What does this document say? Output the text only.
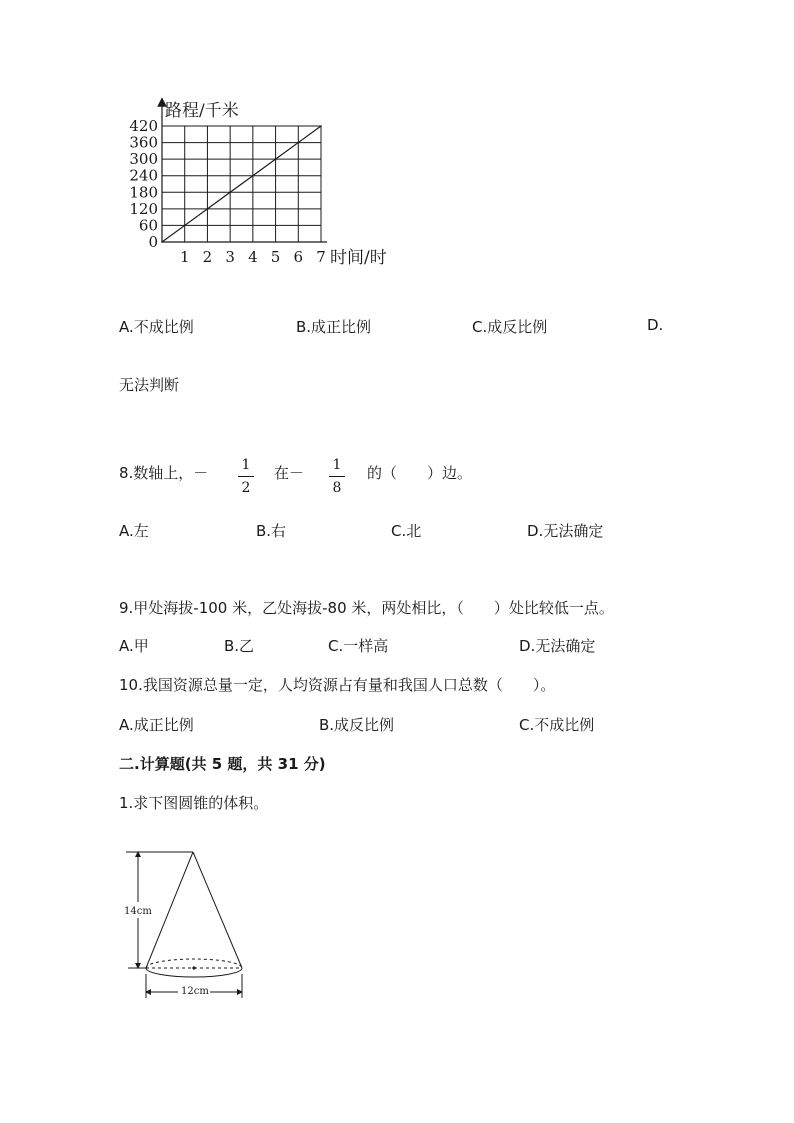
0
60
120
180
240
300
360
420
1 2 3 4 5 6 7
路程/千米
时间/时
A.不成比例	B.成正比例	C.成反比例	D.
无法判断
8.数轴上，－ 1
2
在－ 1
8
的（　　）边。
A.左	B.右	C.北	D.无法确定
9.甲处海拔-100 米，乙处海拔-80 米，两处相比，（　　）处比较低一点。
A.甲	B.乙	C.一样高	D.无法确定
10.我国资源总量一定，人均资源占有量和我国人口总数（　　）。
A.成正比例	B.成反比例	C.不成比例
二.计算题(共 5 题，共 31 分)
1.求下图圆锥的体积。
14cm
12cm
